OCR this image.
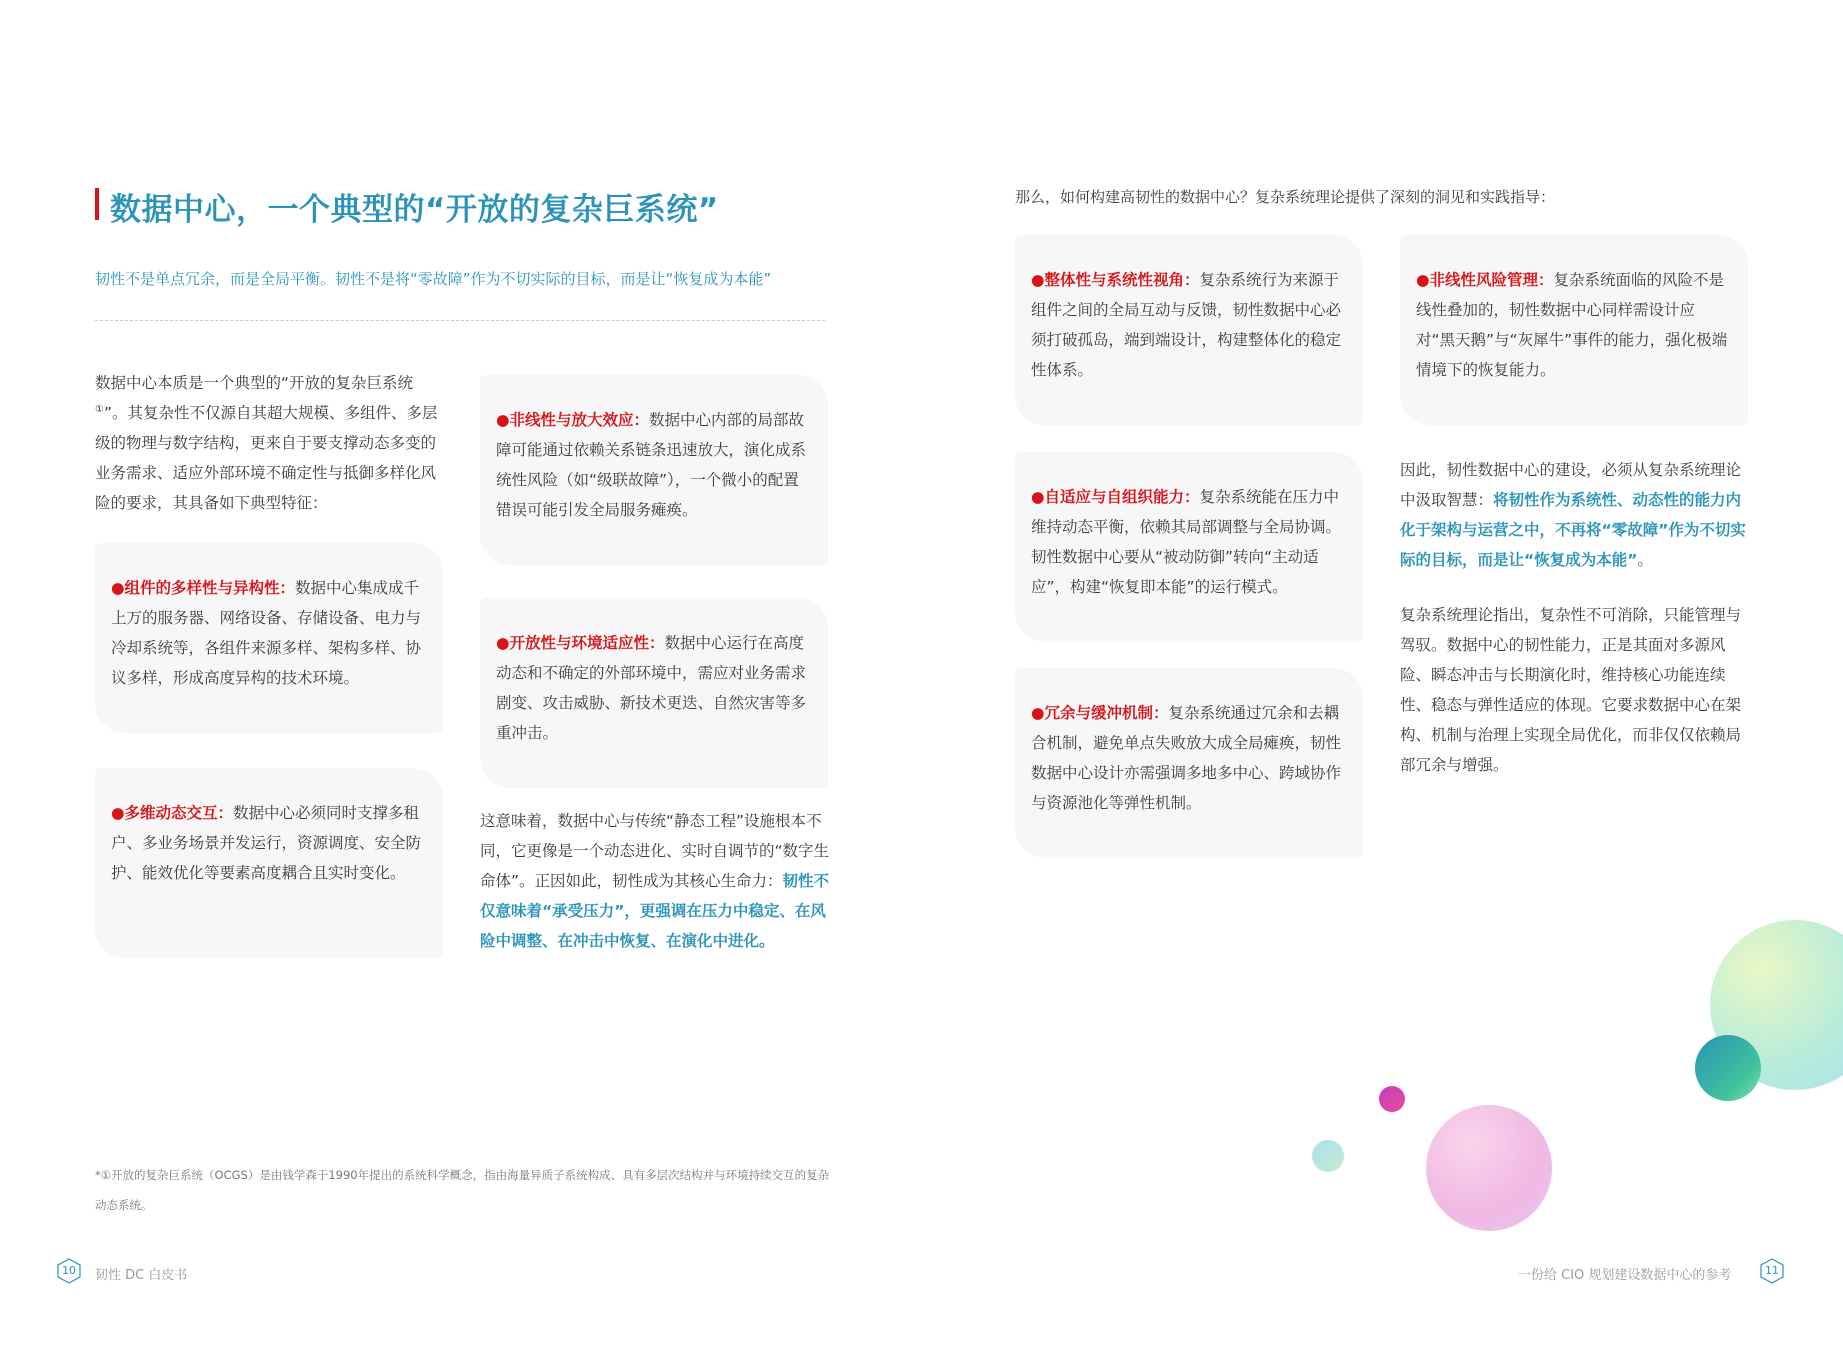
数据中心，一个典型的“开放的复杂巨系统”
韧性不是单点冗余，而是全局平衡。韧性不是将“零故障”作为不切实际的目标，而是让“恢复成为本能”
数据中心本质是一个典型的“开放的复杂巨系统①”。其复杂性不仅源自其超大规模、多组件、多层级的物理与数字结构，更来自于要支撑动态多变的业务需求、适应外部环境不确定性与抵御多样化风险的要求，其具备如下典型特征：
●组件的多样性与异构性：数据中心集成成千上万的服务器、网络设备、存储设备、电力与冷却系统等，各组件来源多样、架构多样、协议多样，形成高度异构的技术环境。
●多维动态交互：数据中心必须同时支撑多租户、多业务场景并发运行，资源调度、安全防护、能效优化等要素高度耦合且实时变化。
●非线性与放大效应：数据中心内部的局部故障可能通过依赖关系链条迅速放大，演化成系统性风险（如“级联故障”），一个微小的配置错误可能引发全局服务瘫痪。
●开放性与环境适应性：数据中心运行在高度动态和不确定的外部环境中，需应对业务需求剧变、攻击威胁、新技术更迭、自然灾害等多重冲击。
这意味着，数据中心与传统“静态工程”设施根本不同，它更像是一个动态进化、实时自调节的“数字生命体”。正因如此，韧性成为其核心生命力：韧性不仅意味着“承受压力”，更强调在压力中稳定、在风险中调整、在冲击中恢复、在演化中进化。
*①开放的复杂巨系统（OCGS）是由钱学森于1990年提出的系统科学概念，指由海量异质子系统构成、具有多层次结构并与环境持续交互的复杂动态系统。
10	韧性 DC 白皮书
那么，如何构建高韧性的数据中心？复杂系统理论提供了深刻的洞见和实践指导：
●整体性与系统性视角：复杂系统行为来源于组件之间的全局互动与反馈，韧性数据中心必须打破孤岛，端到端设计，构建整体化的稳定性体系。
●自适应与自组织能力：复杂系统能在压力中维持动态平衡，依赖其局部调整与全局协调。韧性数据中心要从“被动防御”转向“主动适应”，构建“恢复即本能”的运行模式。
●冗余与缓冲机制：复杂系统通过冗余和去耦合机制，避免单点失败放大成全局瘫痪，韧性数据中心设计亦需强调多地多中心、跨域协作与资源池化等弹性机制。
●非线性风险管理：复杂系统面临的风险不是线性叠加的，韧性数据中心同样需设计应对“黑天鹅”与“灰犀牛”事件的能力，强化极端情境下的恢复能力。
因此，韧性数据中心的建设，必须从复杂系统理论中汲取智慧：将韧性作为系统性、动态性的能力内化于架构与运营之中，不再将“零故障”作为不切实际的目标，而是让“恢复成为本能”。
复杂系统理论指出，复杂性不可消除，只能管理与驾驭。数据中心的韧性能力，正是其面对多源风险、瞬态冲击与长期演化时，维持核心功能连续性、稳态与弹性适应的体现。它要求数据中心在架构、机制与治理上实现全局优化，而非仅仅依赖局部冗余与增强。
一份给 CIO 规划建设数据中心的参考	11
